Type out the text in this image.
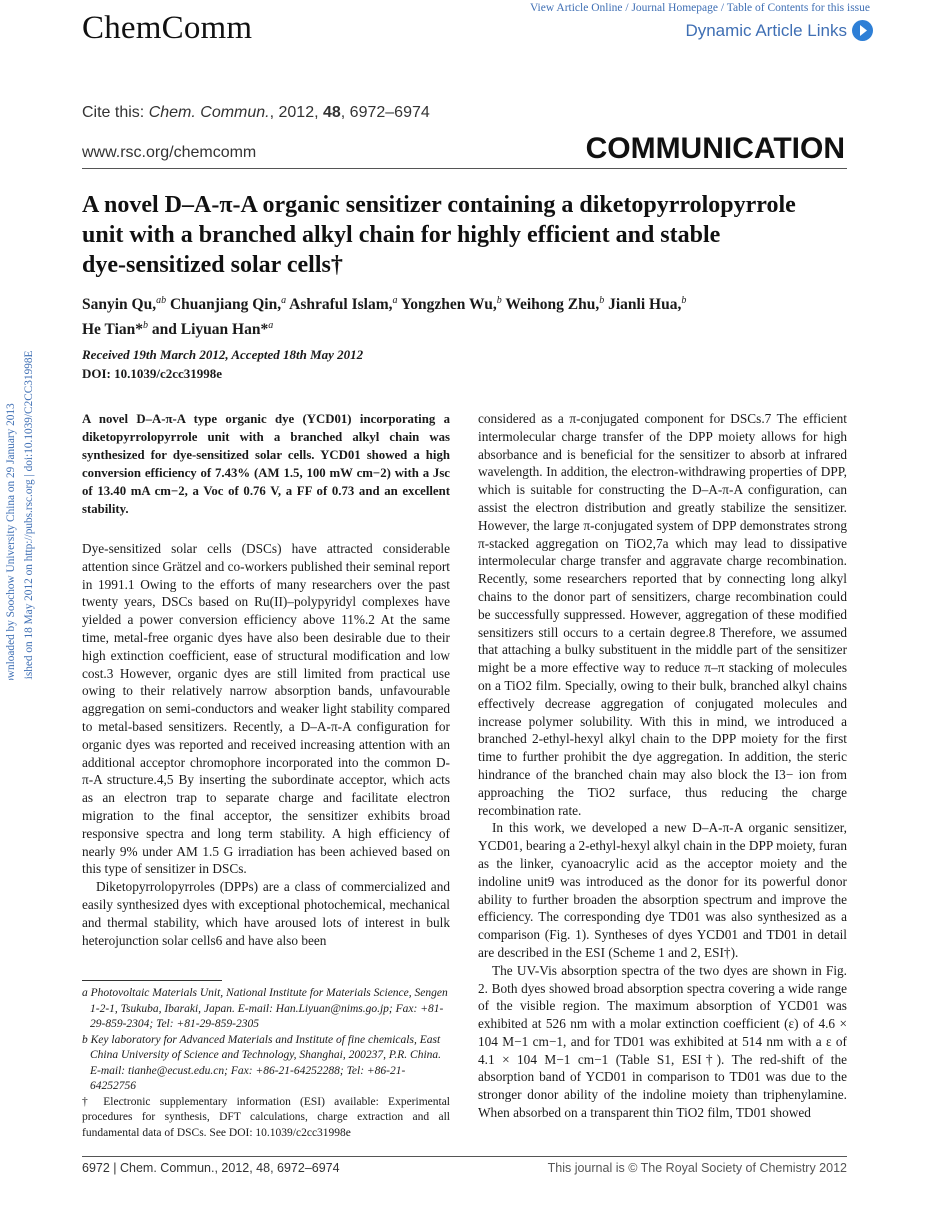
Downloaded by Soochow University China on 29 January 2013 Published on 18 May 2012 on http://pubs.rsc.org | doi:10.1039/C2CC31998E
View Article Online / Journal Homepage / Table of Contents for this issue
Dynamic Article Links
ChemComm
Cite this: Chem. Commun., 2012, 48, 6972–6974
www.rsc.org/chemcomm	COMMUNICATION
A novel D–A-π-A organic sensitizer containing a diketopyrrolopyrrole
unit with a branched alkyl chain for highly efficient and stable
dye-sensitized solar cells†
Sanyin Qu,$^{ab}$ Chuanjiang Qin,$^a$ Ashraful Islam,$^a$ Yongzhen Wu,$^b$ Weihong Zhu,$^b$ Jianli Hua,$^b$
He Tian*$^b$ and Liyuan Han*$^a$
Received 19th March 2012, Accepted 18th May 2012
DOI: 10.1039/c2cc31998e
A novel D–A-π-A type organic dye (YCD01) incorporating a diketopyrrolopyrrole unit with a branched alkyl chain was synthesized for dye-sensitized solar cells. YCD01 showed a high conversion efficiency of 7.43% (AM 1.5, 100 mW cm−2) with a Jsc of 13.40 mA cm−2, a Voc of 0.76 V, a FF of 0.73 and an excellent stability.

Dye-sensitized solar cells (DSCs) have attracted considerable attention since Grätzel and co-workers published their seminal report in 1991.1 Owing to the efforts of many researchers over the past twenty years, DSCs based on Ru(II)–polypyridyl complexes have yielded a power conversion efficiency above 11%.2 At the same time, metal-free organic dyes have also been desirable due to their high extinction coefficient, ease of structural modification and low cost.3 However, organic dyes are still limited from practical use owing to their relatively narrow absorption bands, unfavourable aggregation on semi-conductors and weaker light stability compared to metal-based sensitizers. Recently, a D–A-π-A configuration for organic dyes was reported and received increasing attention with an additional acceptor chromophore incorporated into the common D-π-A structure.4,5 By inserting the subordinate acceptor, which acts as an electron trap to separate charge and facilitate electron migration to the final acceptor, the sensitizer exhibits broad responsive spectra and long term stability. A high efficiency of nearly 9% under AM 1.5 G irradiation has been achieved based on this type of sensitizer in DSCs.

Diketopyrrolopyrroles (DPPs) are a class of commercialized and easily synthesized dyes with exceptional photochemical, mechanical and thermal stability, which have aroused lots of interest in bulk heterojunction solar cells6 and have also been

considered as a π-conjugated component for DSCs.7 The efficient intermolecular charge transfer of the DPP moiety allows for high absorbance and is beneficial for the sensitizer to absorb at infrared wavelength. In addition, the electron-withdrawing properties of DPP, which is suitable for constructing the D–A-π-A configuration, can assist the electron distribution and greatly stabilize the sensitizer. However, the large π-conjugated system of DPP demonstrates strong π-stacked aggregation on TiO2,7a which may lead to dissipative intermolecular charge transfer and aggravate charge recombination. Recently, some researchers reported that by connecting long alkyl chains to the donor part of sensitizers, charge recombination could be successfully suppressed. However, aggregation of these modified sensitizers still occurs to a certain degree.8 Therefore, we assumed that attaching a bulky substituent in the middle part of the sensitizer might be a more effective way to reduce π–π stacking of molecules on a TiO2 film. Specially, owing to their bulk, branched alkyl chains effectively decrease aggregation of conjugated molecules and increase polymer solubility. With this in mind, we introduced a branched 2-ethyl-hexyl alkyl chain to the DPP moiety for the first time to further prohibit the dye aggregation. In addition, the steric hindrance of the branched chain may also block the I3− ion from approaching the TiO2 surface, thus reducing the charge recombination rate.

In this work, we developed a new D–A-π-A organic sensitizer, YCD01, bearing a 2-ethyl-hexyl alkyl chain in the DPP moiety, furan as the linker, cyanoacrylic acid as the acceptor moiety and the indoline unit9 was introduced as the donor for its powerful donor ability to further broaden the absorption spectrum and improve the efficiency. The corresponding dye TD01 was also synthesized as a comparison (Fig. 1). Syntheses of dyes YCD01 and TD01 in detail are described in the ESI (Scheme 1 and 2, ESI†).

The UV-Vis absorption spectra of the two dyes are shown in Fig. 2. Both dyes showed broad absorption spectra covering a wide range of the visible region. The maximum absorption of YCD01 was exhibited at 526 nm with a molar extinction coefficient (ε) of 4.6 × 104 M−1 cm−1, and for TD01 was exhibited at 514 nm with a ε of 4.1 × 104 M−1 cm−1 (Table S1, ESI†). The red-shift of the absorption band of YCD01 in comparison to TD01 was due to the stronger donor ability of the indoline moiety than triphenylamine. When absorbed on a transparent thin TiO2 film, TD01 showed

a Photovoltaic Materials Unit, National Institute for Materials Science, Sengen 1-2-1, Tsukuba, Ibaraki, Japan. E-mail: Han.Liyuan@nims.go.jp; Fax: +81-29-859-2304; Tel: +81-29-859-2305

b Key laboratory for Advanced Materials and Institute of fine chemicals, East China University of Science and Technology, Shanghai, 200237, P.R. China. E-mail: tianhe@ecust.edu.cn; Fax: +86-21-64252288; Tel: +86-21-64252756

† Electronic supplementary information (ESI) available: Experimental procedures for synthesis, DFT calculations, charge extraction and all fundamental data of DSCs. See DOI: 10.1039/c2cc31998e

6972 | Chem. Commun., 2012, 48, 6972–6974	This journal is © The Royal Society of Chemistry 2012
